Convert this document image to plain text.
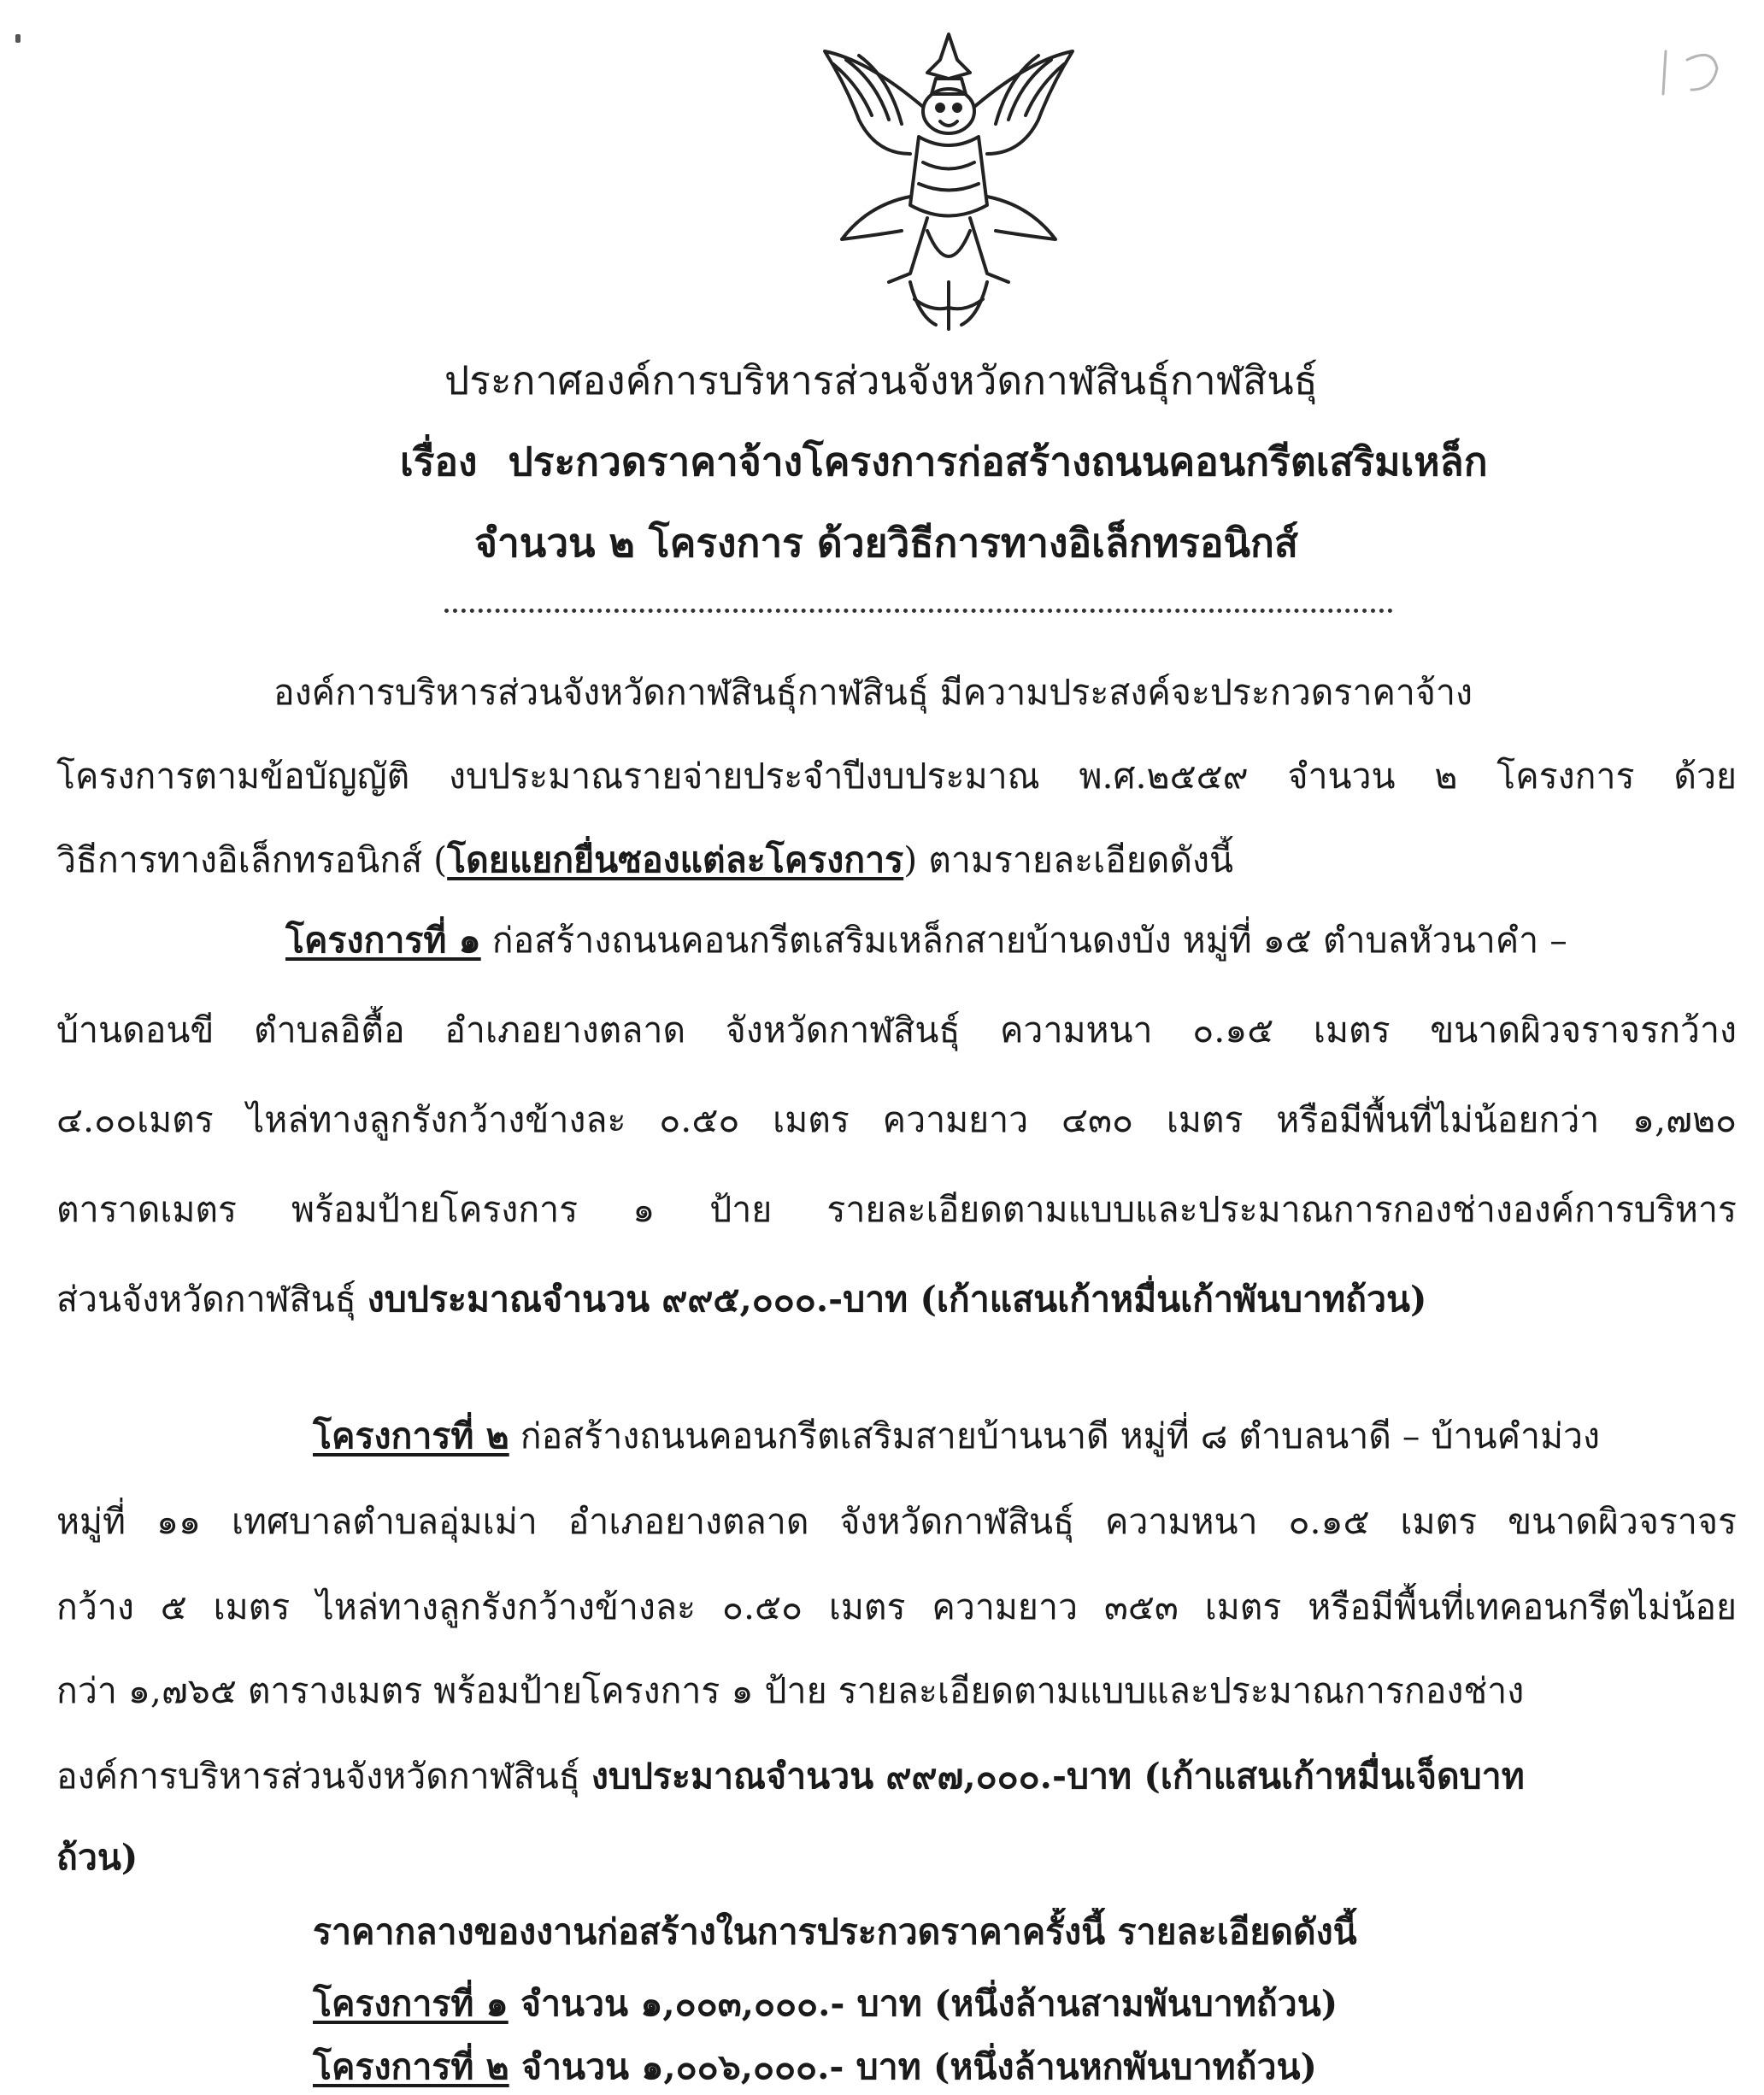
ประกาศองค์การบริหารส่วนจังหวัดกาฬสินธุ์กาฬสินธุ์
เรื่อง ประกวดราคาจ้างโครงการก่อสร้างถนนคอนกรีตเสริมเหล็ก
จำนวน ๒ โครงการ ด้วยวิธีการทางอิเล็กทรอนิกส์
องค์การบริหารส่วนจังหวัดกาฬสินธุ์กาฬสินธุ์ มีความประสงค์จะประกวดราคาจ้าง
โครงการตามข้อบัญญัติ งบประมาณรายจ่ายประจำปีงบประมาณ พ.ศ.๒๕๕๙ จำนวน ๒ โครงการ ด้วย
วิธีการทางอิเล็กทรอนิกส์ (โดยแยกยื่นซองแต่ละโครงการ) ตามรายละเอียดดังนี้
โครงการที่ ๑ ก่อสร้างถนนคอนกรีตเสริมเหล็กสายบ้านดงบัง หมู่ที่ ๑๕ ตำบลหัวนาคำ –
บ้านดอนขี ตำบลอิตื้อ อำเภอยางตลาด จังหวัดกาฬสินธุ์ ความหนา ๐.๑๕ เมตร ขนาดผิวจราจรกว้าง
๔.๐๐เมตร ไหล่ทางลูกรังกว้างข้างละ ๐.๕๐ เมตร ความยาว ๔๓๐ เมตร หรือมีพื้นที่ไม่น้อยกว่า ๑,๗๒๐
ตาราดเมตร พร้อมป้ายโครงการ ๑ ป้าย รายละเอียดตามแบบและประมาณการกองช่างองค์การบริหาร
ส่วนจังหวัดกาฬสินธุ์ งบประมาณจำนวน ๙๙๕,๐๐๐.-บาท (เก้าแสนเก้าหมื่นเก้าพันบาทถ้วน)
โครงการที่ ๒ ก่อสร้างถนนคอนกรีตเสริมสายบ้านนาดี หมู่ที่ ๘ ตำบลนาดี – บ้านคำม่วง
หมู่ที่ ๑๑ เทศบาลตำบลอุ่มเม่า อำเภอยางตลาด จังหวัดกาฬสินธุ์ ความหนา ๐.๑๕ เมตร ขนาดผิวจราจร
กว้าง ๕ เมตร ไหล่ทางลูกรังกว้างข้างละ ๐.๕๐ เมตร ความยาว ๓๕๓ เมตร หรือมีพื้นที่เทคอนกรีตไม่น้อย
กว่า ๑,๗๖๕ ตารางเมตร พร้อมป้ายโครงการ ๑ ป้าย รายละเอียดตามแบบและประมาณการกองช่าง
องค์การบริหารส่วนจังหวัดกาฬสินธุ์ งบประมาณจำนวน ๙๙๗,๐๐๐.-บาท (เก้าแสนเก้าหมื่นเจ็ดบาท
ถ้วน)
ราคากลางของงานก่อสร้างในการประกวดราคาครั้งนี้ รายละเอียดดังนี้
โครงการที่ ๑ จำนวน ๑,๐๐๓,๐๐๐.- บาท (หนึ่งล้านสามพันบาทถ้วน)
โครงการที่ ๒ จำนวน ๑,๐๐๖,๐๐๐.- บาท (หนึ่งล้านหกพันบาทถ้วน)
